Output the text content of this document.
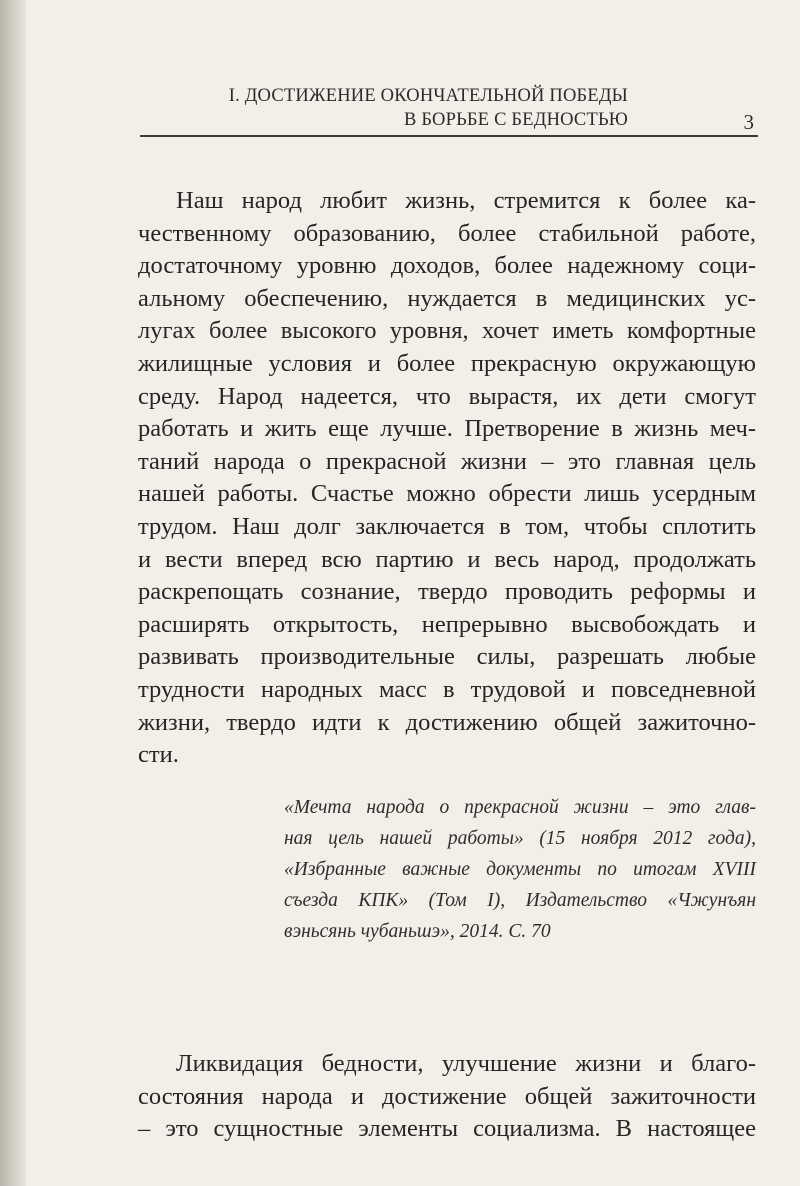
I. ДОСТИЖЕНИЕ ОКОНЧАТЕЛЬНОЙ ПОБЕДЫ
В БОРЬБЕ С БЕДНОСТЬЮ	3
Наш народ любит жизнь, стремится к более ка-
чественному образованию, более стабильной работе,
достаточному уровню доходов, более надежному соци-
альному обеспечению, нуждается в медицинских ус-
лугах более высокого уровня, хочет иметь комфортные
жилищные условия и более прекрасную окружающую
среду. Народ надеется, что вырастя, их дети смогут
работать и жить еще лучше. Претворение в жизнь меч-
таний народа о прекрасной жизни – это главная цель
нашей работы. Счастье можно обрести лишь усердным
трудом. Наш долг заключается в том, чтобы сплотить
и вести вперед всю партию и весь народ, продолжать
раскрепощать сознание, твердо проводить реформы и
расширять открытость, непрерывно высвобождать и
развивать производительные силы, разрешать любые
трудности народных масс в трудовой и повседневной
жизни, твердо идти к достижению общей зажиточно-
сти.
«Мечта народа о прекрасной жизни – это глав-
ная цель нашей работы» (15 ноября 2012 года),
«Избранные важные документы по итогам XVIII
съезда КПК» (Том I), Издательство «Чжунъян
вэньсянь чубаньшэ», 2014. С. 70
Ликвидация бедности, улучшение жизни и благо-
состояния народа и достижение общей зажиточности
– это сущностные элементы социализма. В настоящее
